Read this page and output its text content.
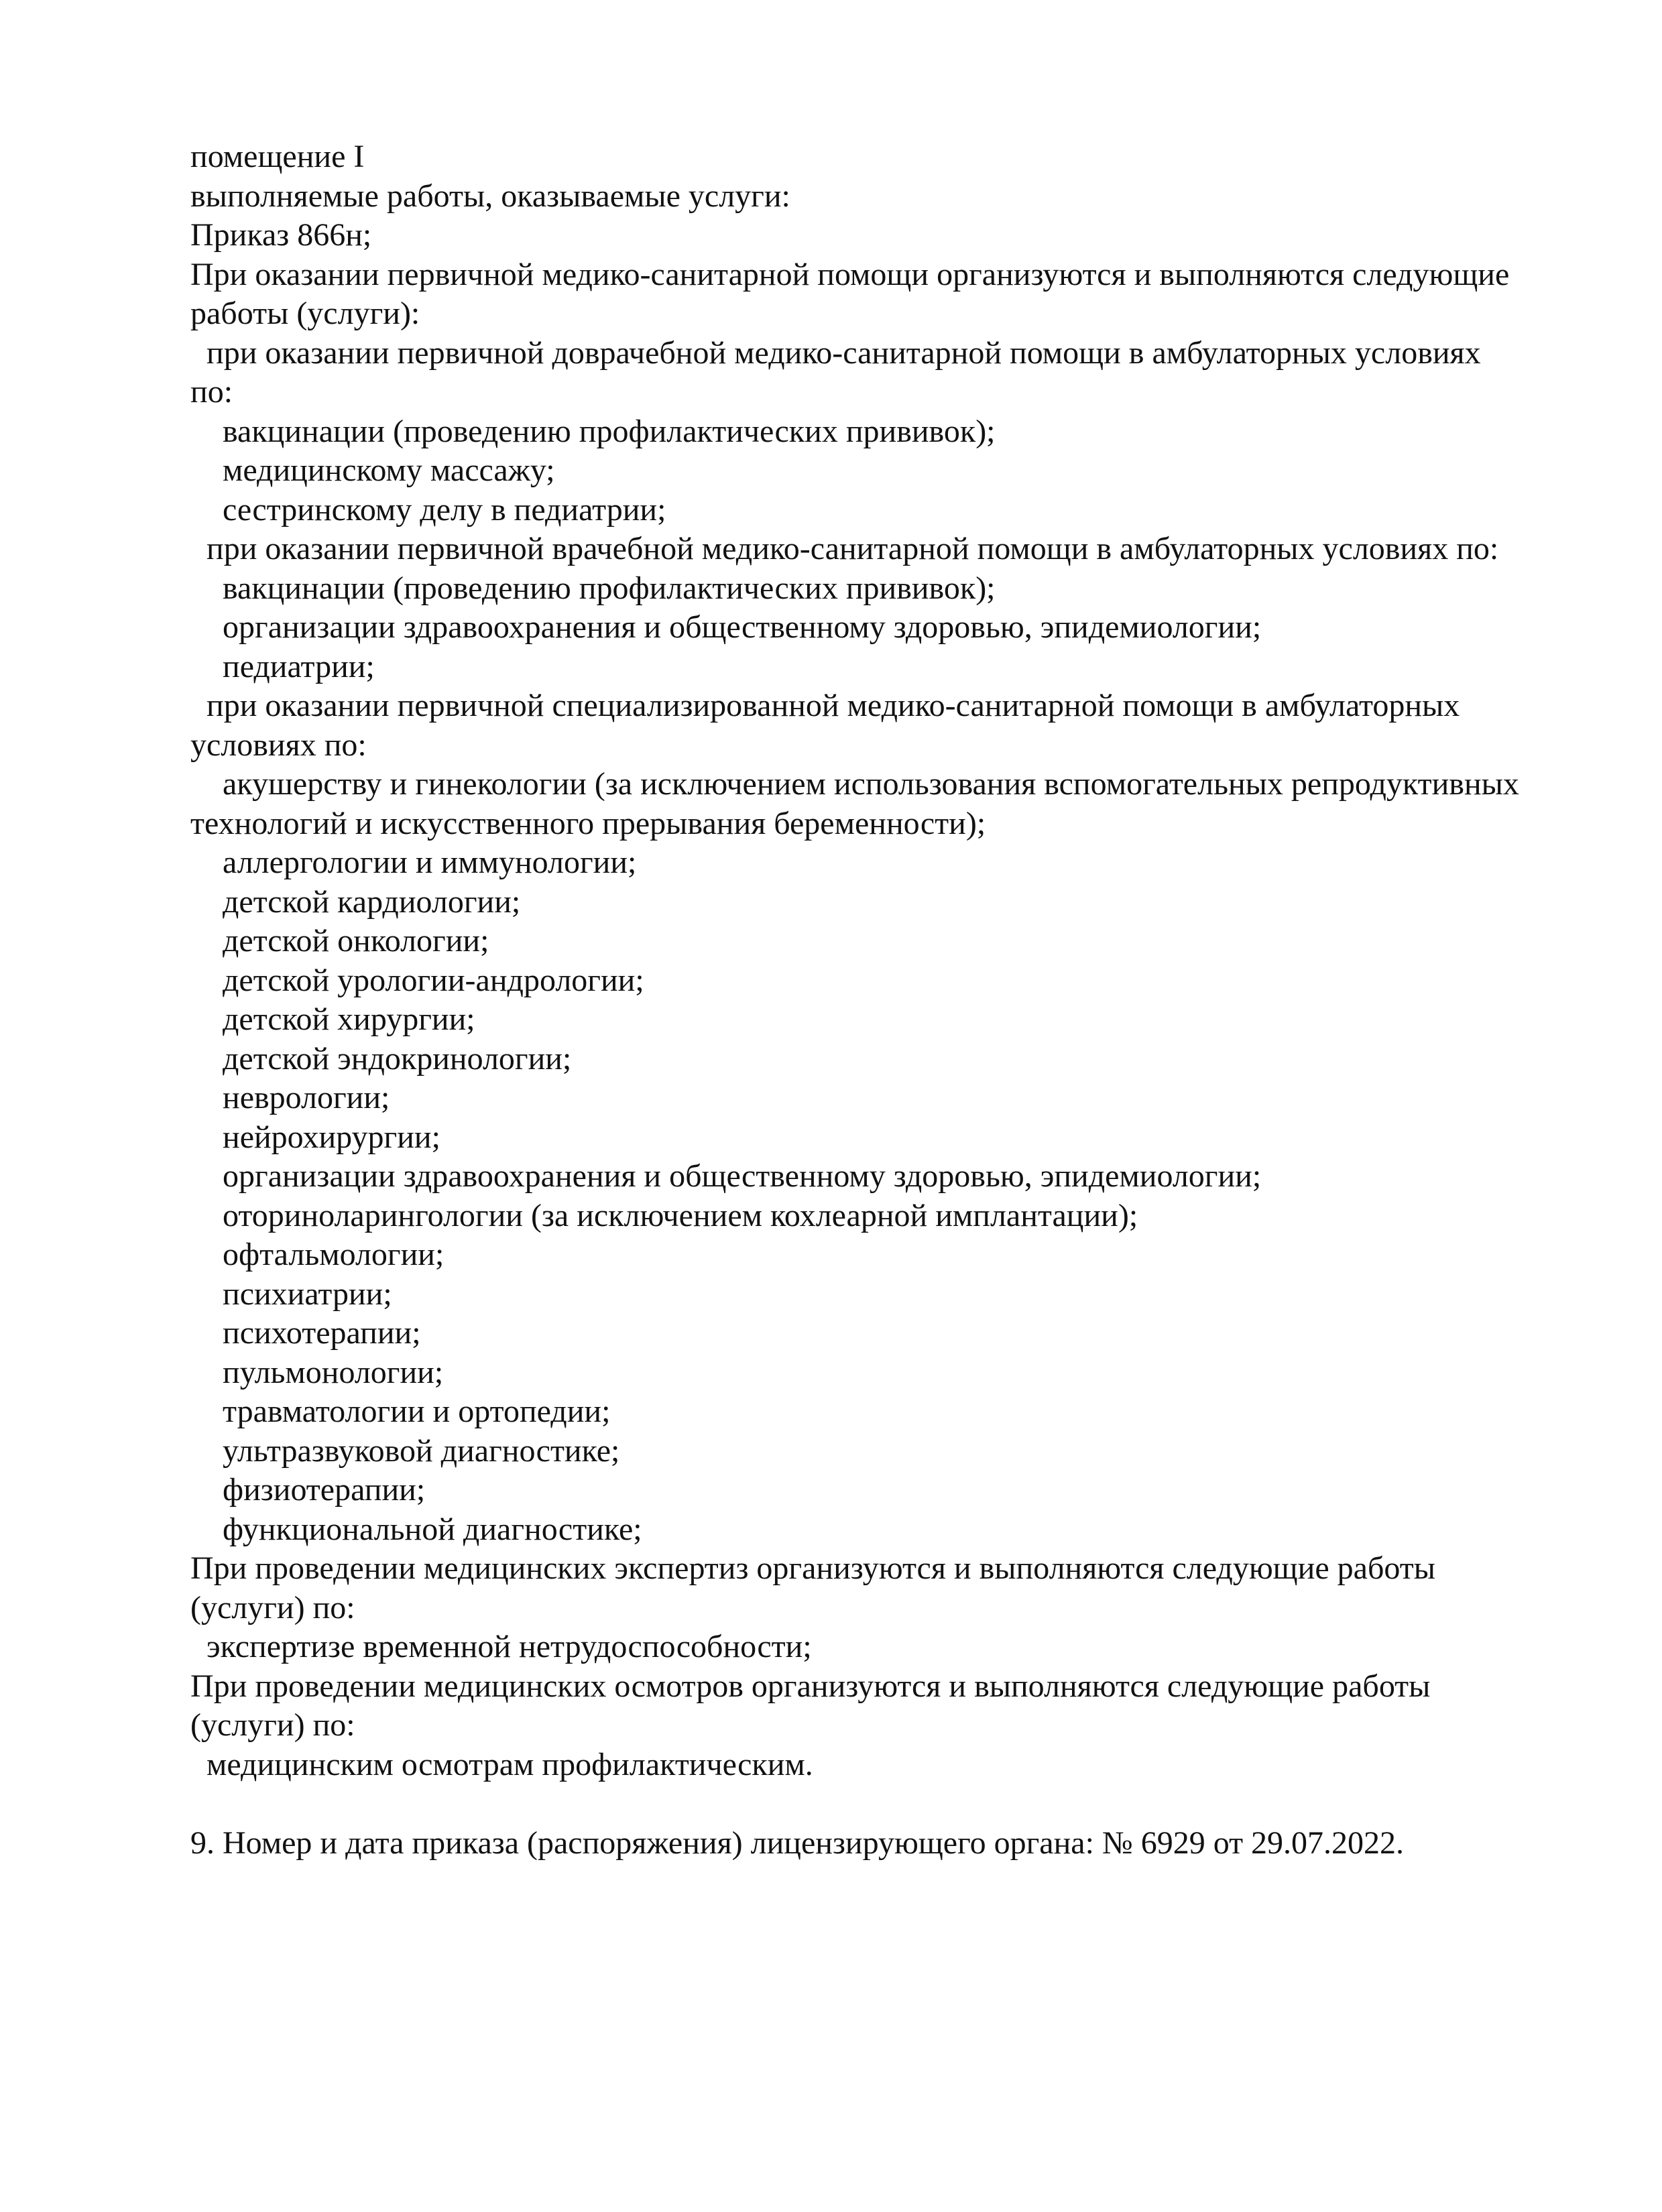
помещение I
выполняемые работы, оказываемые услуги:
Приказ 866н;
При оказании первичной медико-санитарной помощи организуются и выполняются следующие
работы (услуги):
при оказании первичной доврачебной медико-санитарной помощи в амбулаторных условиях
по:
вакцинации (проведению профилактических прививок);
медицинскому массажу;
сестринскому делу в педиатрии;
при оказании первичной врачебной медико-санитарной помощи в амбулаторных условиях по:
вакцинации (проведению профилактических прививок);
организации здравоохранения и общественному здоровью, эпидемиологии;
педиатрии;
при оказании первичной специализированной медико-санитарной помощи в амбулаторных
условиях по:
акушерству и гинекологии (за исключением использования вспомогательных репродуктивных
технологий и искусственного прерывания беременности);
аллергологии и иммунологии;
детской кардиологии;
детской онкологии;
детской урологии-андрологии;
детской хирургии;
детской эндокринологии;
неврологии;
нейрохирургии;
организации здравоохранения и общественному здоровью, эпидемиологии;
оториноларингологии (за исключением кохлеарной имплантации);
офтальмологии;
психиатрии;
психотерапии;
пульмонологии;
травматологии и ортопедии;
ультразвуковой диагностике;
физиотерапии;
функциональной диагностике;
При проведении медицинских экспертиз организуются и выполняются следующие работы
(услуги) по:
экспертизе временной нетрудоспособности;
При проведении медицинских осмотров организуются и выполняются следующие работы
(услуги) по:
медицинским осмотрам профилактическим.
9. Номер и дата приказа (распоряжения) лицензирующего органа: № 6929 от 29.07.2022.
